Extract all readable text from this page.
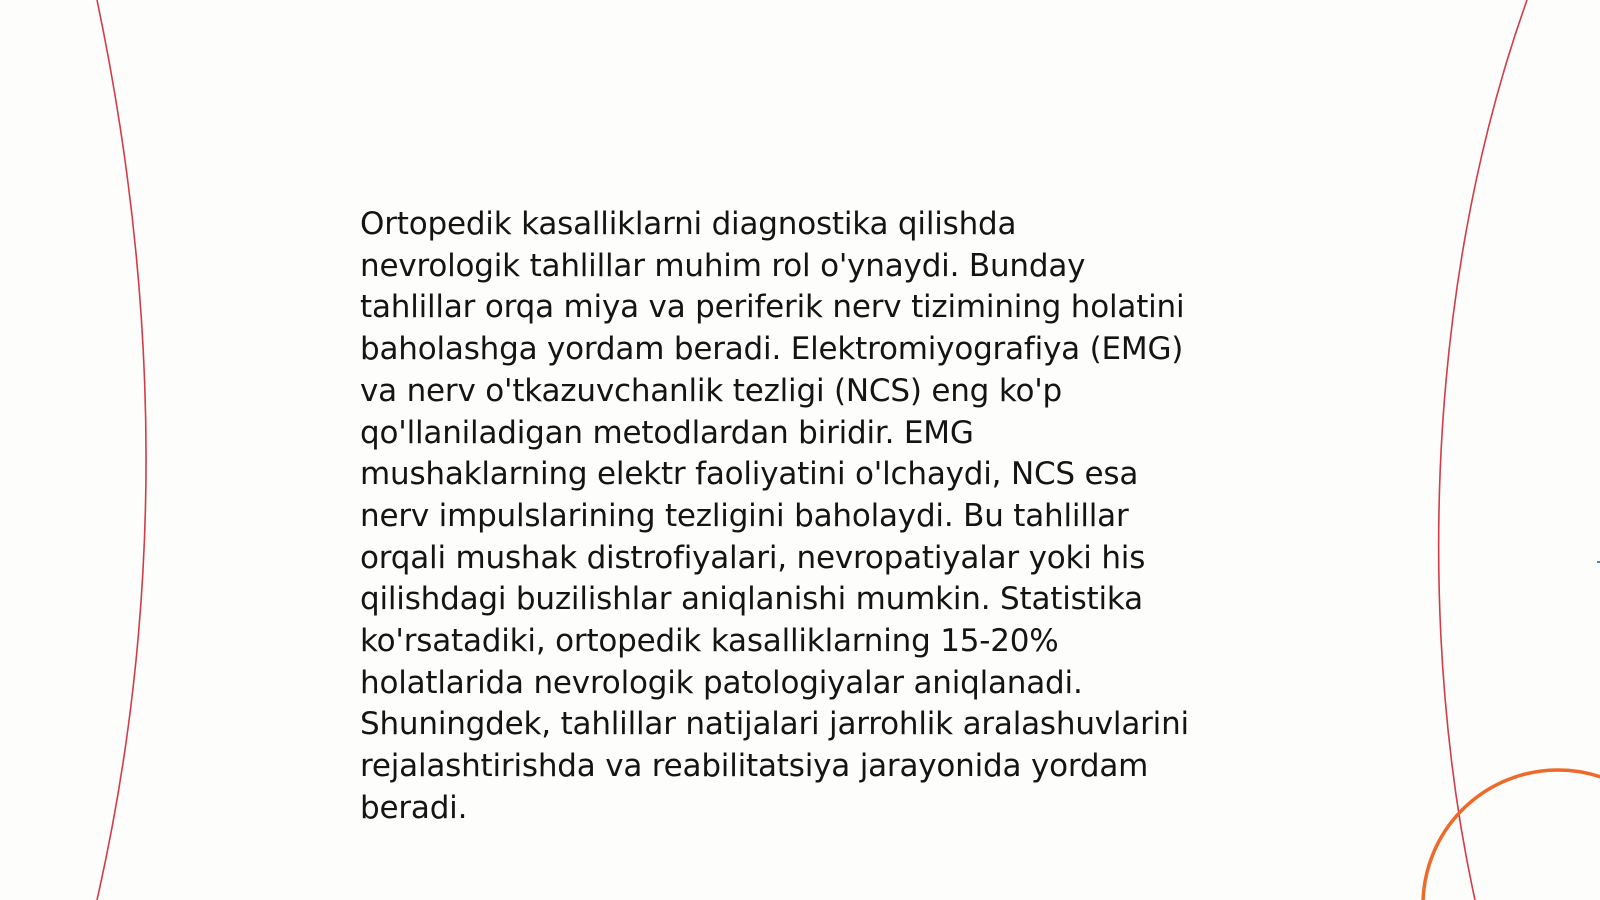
Ortopedik kasalliklarni diagnostika qilishda
nevrologik tahlillar muhim rol o'ynaydi. Bunday
tahlillar orqa miya va periferik nerv tizimining holatini
baholashga yordam beradi. Elektromiyografiya (EMG)
va nerv o'tkazuvchanlik tezligi (NCS) eng ko'p
qo'llaniladigan metodlardan biridir. EMG
mushaklarning elektr faoliyatini o'lchaydi, NCS esa
nerv impulslarining tezligini baholaydi. Bu tahlillar
orqali mushak distrofiyalari, nevropatiyalar yoki his
qilishdagi buzilishlar aniqlanishi mumkin. Statistika
ko'rsatadiki, ortopedik kasalliklarning 15-20%
holatlarida nevrologik patologiyalar aniqlanadi.
Shuningdek, tahlillar natijalari jarrohlik aralashuvlarini
rejalashtirishda va reabilitatsiya jarayonida yordam
beradi.
